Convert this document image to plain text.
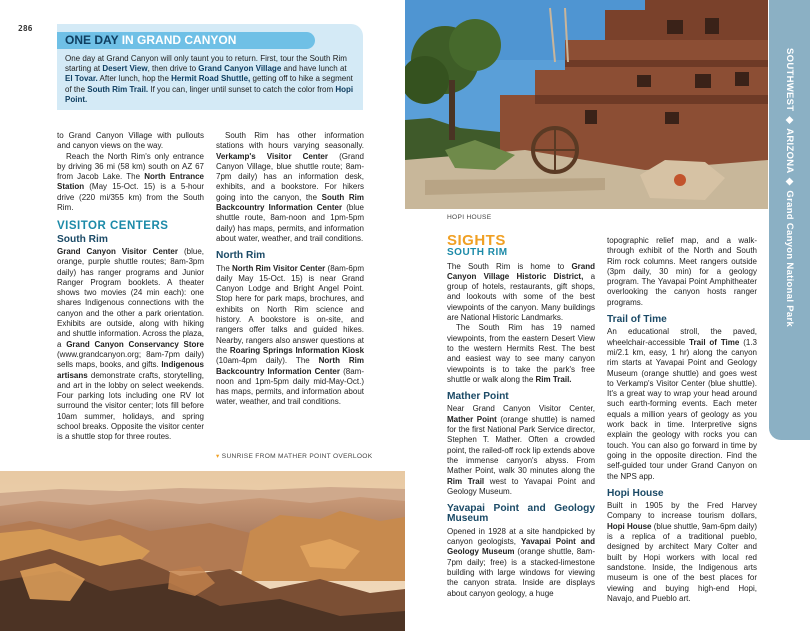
286
ONE DAY IN GRAND CANYON
One day at Grand Canyon will only taunt you to return. First, tour the South Rim starting at Desert View, then drive to Grand Canyon Village and have lunch at El Tovar. After lunch, hop the Hermit Road Shuttle, getting off to hike a segment of the South Rim Trail. If you can, linger until sunset to catch the color from Hopi Point.

to Grand Canyon Village with pullouts and canyon views on the way.

Reach the North Rim's only entrance by driving 36 mi (58 km) south on AZ 67 from Jacob Lake. The North Entrance Station (May 15-Oct. 15) is a 5-hour drive (220 mi/355 km) from the South Rim.

VISITOR CENTERS
South Rim

Grand Canyon Visitor Center (blue, orange, purple shuttle routes; 8am-3pm daily) has ranger programs and Junior Ranger Program booklets. A theater shows two movies (24 min each): one shares Indigenous connections with the canyon and the other a park orientation. Exhibits are outside, along with hiking and shuttle information. Across the plaza, a Grand Canyon Conservancy Store (www.grandcanyon.org; 8am-7pm daily) sells maps, books, and gifts. Indigenous artisans demonstrate crafts, storytelling, and art in the lobby on select weekends. Four parking lots including one RV lot surround the visitor center; lots fill before 10am summer, holidays, and spring school breaks. Opposite the visitor center is a shuttle stop for three routes.

South Rim has other information stations with hours varying seasonally. Verkamp's Visitor Center (Grand Canyon Village, blue shuttle route; 8am-7pm daily) has an information desk, exhibits, and a bookstore. For hikers going into the canyon, the South Rim Backcountry Information Center (blue shuttle route, 8am-noon and 1pm-5pm daily) has maps, permits, and information about water, weather, and trail conditions.

North Rim

The North Rim Visitor Center (8am-6pm daily May 15-Oct. 15) is near Grand Canyon Lodge and Bright Angel Point. Stop here for park maps, brochures, and exhibits on North Rim science and history. A bookstore is on-site, and rangers offer talks and guided hikes. Nearby, rangers also answer questions at the Roaring Springs Information Kiosk (10am-4pm daily). The North Rim Backcountry Information Center (8am-noon and 1pm-5pm daily mid-May-Oct.) has maps, permits, and information about water, weather, and trail conditions.

▾ SUNRISE FROM MATHER POINT OVERLOOK
HOPI HOUSE
SIGHTS
SOUTH RIM

The South Rim is home to Grand Canyon Village Historic District, a group of hotels, restaurants, gift shops, and lookouts with some of the best viewpoints of the canyon. Many buildings are National Historic Landmarks.

The South Rim has 19 named viewpoints, from the eastern Desert View to the western Hermits Rest. The best and easiest way to see many canyon viewpoints is to take the park's free shuttle or walk along the Rim Trail.

Mather Point

Near Grand Canyon Visitor Center, Mather Point (orange shuttle) is named for the first National Park Service director, Stephen T. Mather. Often a crowded point, the railed-off rock lip extends above the immense canyon's abyss. From Mather Point, walk 30 minutes along the Rim Trail west to Yavapai Point and Geology Museum.

Yavapai Point and Geology Museum

Opened in 1928 at a site handpicked by canyon geologists, Yavapai Point and Geology Museum (orange shuttle, 8am-7pm daily; free) is a stacked-limestone building with large windows for viewing the canyon strata. Inside are displays about canyon geology, a huge

topographic relief map, and a walk-through exhibit of the North and South Rim rock columns. Meet rangers outside (3pm daily, 30 min) for a geology program. The Yavapai Point Amphitheater overlooking the canyon hosts ranger programs.

Trail of Time

An educational stroll, the paved, wheelchair-accessible Trail of Time (1.3 mi/2.1 km, easy, 1 hr) along the canyon rim starts at Yavapai Point and Geology Museum (orange shuttle) and goes west to Verkamp's Visitor Center (blue shuttle). It's a great way to wrap your head around such earth-forming events. Each meter equals a million years of geology as you work back in time. Interpretive signs explain the geology with rocks you can touch. You can also go forward in time by going in the opposite direction. Find the self-guided tour under Grand Canyon on the NPS app.

Hopi House

Built in 1905 by the Fred Harvey Company to increase tourism dollars, Hopi House (blue shuttle, 9am-6pm daily) is a replica of a traditional pueblo, designed by architect Mary Colter and built by Hopi workers with local red sandstone. Inside, the Indigenous arts museum is one of the best places for viewing and buying high-end Hopi, Navajo, and Pueblo art.

SOUTHWEST ◆ ARIZONA ◆ Grand Canyon National Park
